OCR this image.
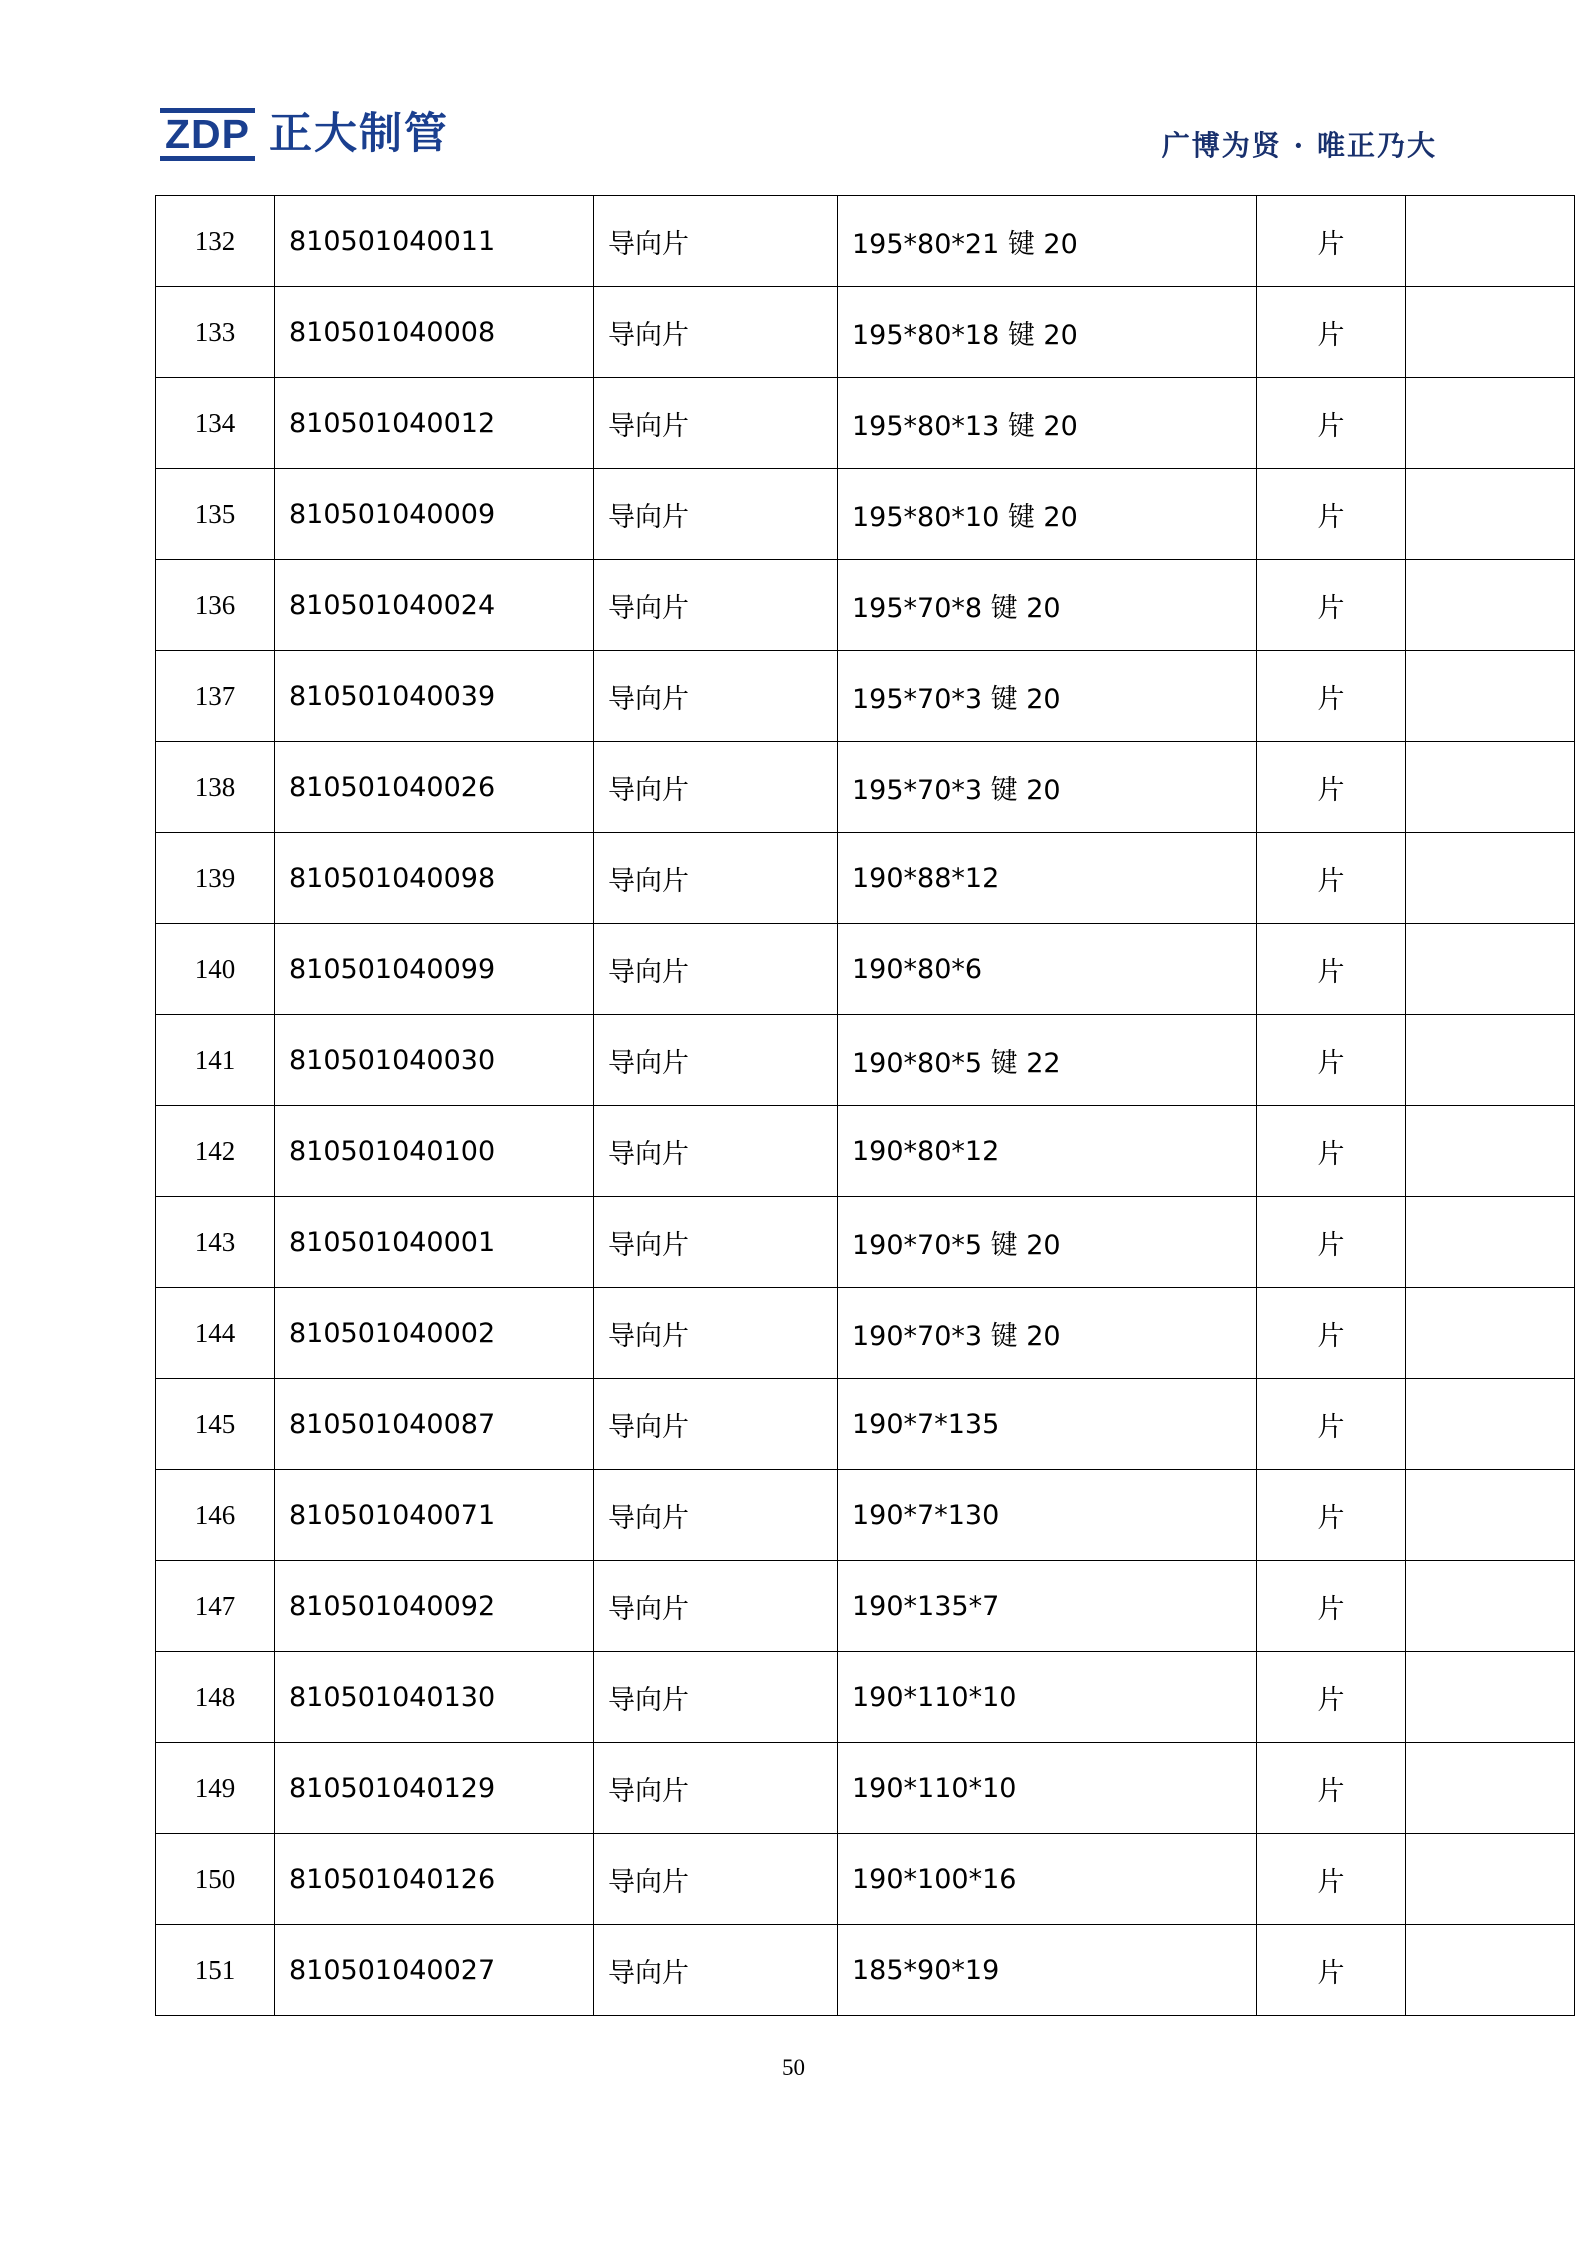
ZDP 正大制管	广博为贤 · 唯正乃大
132	810501040011	导向片	195*80*21 键 20	片	
133	810501040008	导向片	195*80*18 键 20	片	
134	810501040012	导向片	195*80*13 键 20	片	
135	810501040009	导向片	195*80*10 键 20	片	
136	810501040024	导向片	195*70*8 键 20	片	
137	810501040039	导向片	195*70*3 键 20	片	
138	810501040026	导向片	195*70*3 键 20	片	
139	810501040098	导向片	190*88*12	片	
140	810501040099	导向片	190*80*6	片	
141	810501040030	导向片	190*80*5 键 22	片	
142	810501040100	导向片	190*80*12	片	
143	810501040001	导向片	190*70*5 键 20	片	
144	810501040002	导向片	190*70*3 键 20	片	
145	810501040087	导向片	190*7*135	片	
146	810501040071	导向片	190*7*130	片	
147	810501040092	导向片	190*135*7	片	
148	810501040130	导向片	190*110*10	片	
149	810501040129	导向片	190*110*10	片	
150	810501040126	导向片	190*100*16	片	
151	810501040027	导向片	185*90*19	片	
50
